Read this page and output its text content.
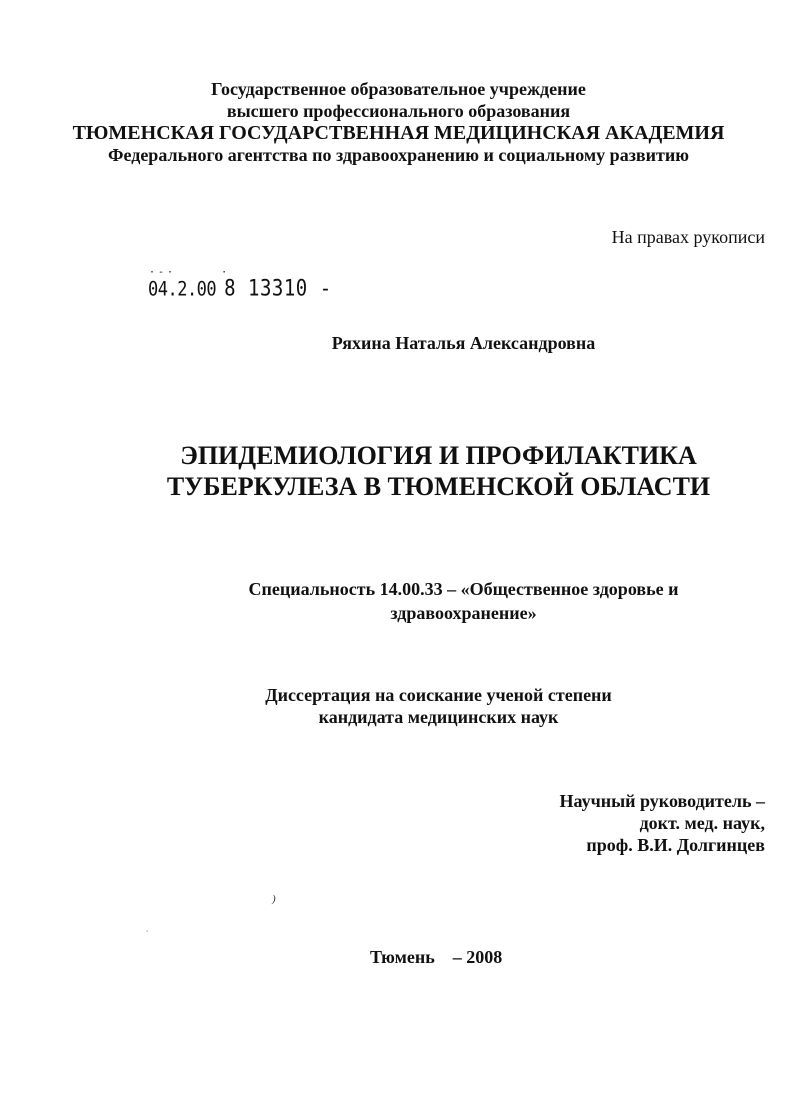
Государственное образовательное учреждение
высшего профессионального образования
ТЮМЕНСКАЯ ГОСУДАРСТВЕННАЯ МЕДИЦИНСКАЯ АКАДЕМИЯ
Федерального агентства по здравоохранению и социальному развитию
На правах рукописи
·-·     ·
04.2.00 8 13310 -
Ряхина Наталья Александровна
ЭПИДЕМИОЛОГИЯ И ПРОФИЛАКТИКА
ТУБЕРКУЛЕЗА В ТЮМЕНСКОЙ ОБЛАСТИ
Специальность 14.00.33 – «Общественное здоровье и
здравоохранение»
Диссертация на соискание ученой степени
кандидата медицинских наук
Научный руководитель –
докт. мед. наук,
проф. В.И. Долгинцев
)
·
Тюмень – 2008
